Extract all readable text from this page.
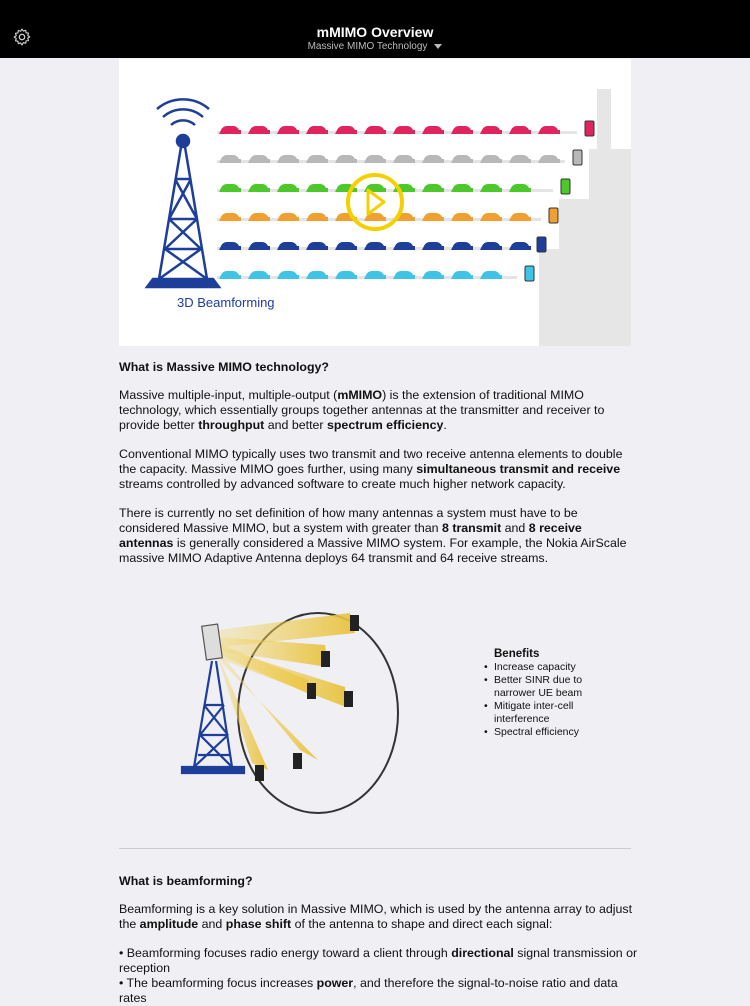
mMIMO Overview
Massive MIMO Technology
3D Beamforming
What is Massive MIMO technology?

Massive multiple-input, multiple-output (mMIMO) is the extension of traditional MIMO technology, which essentially groups together antennas at the transmitter and receiver to provide better throughput and better spectrum efficiency.

Conventional MIMO typically uses two transmit and two receive antenna elements to double the capacity. Massive MIMO goes further, using many simultaneous transmit and receive streams controlled by advanced software to create much higher network capacity.

There is currently no set definition of how many antennas a system must have to be considered Massive MIMO, but a system with greater than 8 transmit and 8 receive antennas is generally considered a Massive MIMO system. For example, the Nokia AirScale massive MIMO Adaptive Antenna deploys 64 transmit and 64 receive streams.

Benefits
• Increase capacity
• Better SINR due to narrower UE beam
• Mitigate inter-cell interference
• Spectral efficiency
What is beamforming?

Beamforming is a key solution in Massive MIMO, which is used by the antenna array to adjust the amplitude and phase shift of the antenna to shape and direct each signal:

• Beamforming focuses radio energy toward a client through directional signal transmission or reception
• The beamforming focus increases power, and therefore the signal-to-noise ratio and data rates
